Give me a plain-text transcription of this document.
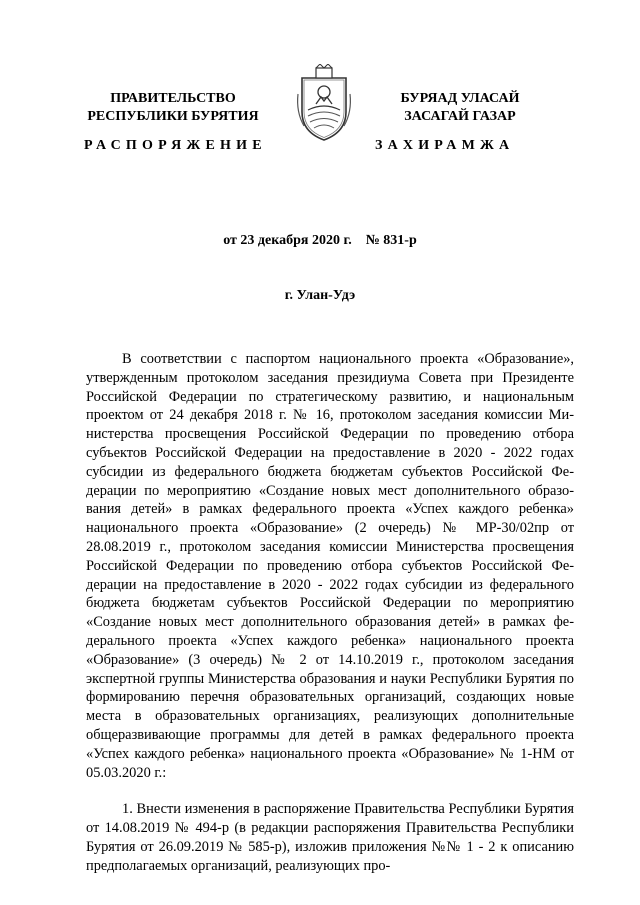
ПРАВИТЕЛЬСТВО
РЕСПУБЛИКИ БУРЯТИЯ
БУРЯАД УЛАСАЙ
ЗАСАГАЙ ГАЗАР
РАСПОРЯЖЕНИЕ	ЗАХИРАМЖА
от 23 декабря 2020 г. № 831-р
г. Улан-Удэ

В соответствии с паспортом национального проекта «Образование», утвержденным протоколом заседания президиума Совета при Президенте Российской Федерации по стратегическому развитию, и национальным проектом от 24 декабря 2018 г. № 16, протоколом заседания комиссии Министерства просвещения Российской Федерации по проведению отбора субъектов Российской Федерации на предоставление в 2020 - 2022 годах субсидии из федерального бюджета бюджетам субъектов Российской Федерации по мероприятию «Создание новых мест дополнительного образования детей» в рамках федерального проекта «Успех каждого ребенка» национального проекта «Образование» (2 очередь) № МР-30/02пр от 28.08.2019 г., протоколом заседания комиссии Министерства просвещения Российской Федерации по проведению отбора субъектов Российской Федерации на предоставление в 2020 - 2022 годах субсидии из федерального бюджета бюджетам субъектов Российской Федерации по мероприятию «Создание новых мест дополнительного образования детей» в рамках федерального проекта «Успех каждого ребенка» национального проекта «Образование» (3 очередь) № 2 от 14.10.2019 г., протоколом заседания экспертной группы Министерства образования и науки Республики Бурятия по формированию перечня образовательных организаций, создающих новые места в образовательных организациях, реализующих дополнительные общеразвивающие программы для детей в рамках федерального проекта «Успех каждого ребенка» национального проекта «Образование» № 1-НМ от 05.03.2020 г.:

1. Внести изменения в распоряжение Правительства Республики Бурятия от 14.08.2019 № 494-р (в редакции распоряжения Правительства Республики Бурятия от 26.09.2019 № 585-р), изложив приложения №№ 1 - 2 к описанию предполагаемых организаций, реализующих про-
